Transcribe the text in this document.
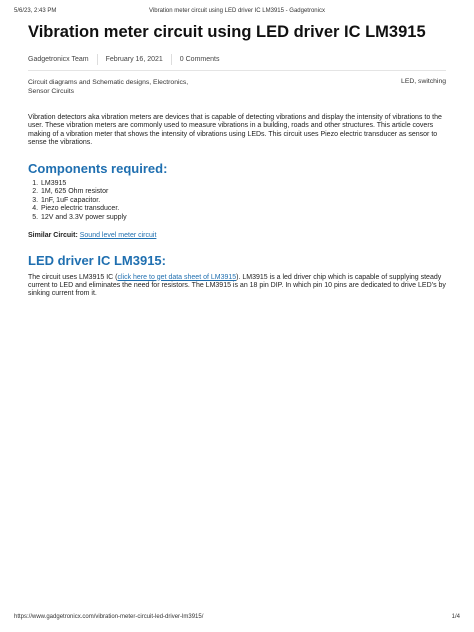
5/6/23, 2:43 PM	Vibration meter circuit using LED driver IC LM3915 - Gadgetronicx
Vibration meter circuit using LED driver IC LM3915
Gadgetronicx Team February 16, 2021 0 Comments
Circuit diagrams and Schematic designs, Electronics, Sensor Circuits
LED, switching

Vibration detectors aka vibration meters are devices that is capable of detecting vibrations and display the intensity of vibrations to the user. These vibration meters are commonly used to measure vibrations in a building, roads and other structures. This article covers making of a vibration meter that shows the intensity of vibrations using LEDs. This circuit uses Piezo electric transducer as sensor to sense the vibrations.

Components required:
1. LM3915
2. 1M, 625 Ohm resistor
3. 1nF, 1uF capacitor.
4. Piezo electric transducer.
5. 12V and 3.3V power supply
Similar Circuit: Sound level meter circuit
LED driver IC LM3915:

The circuit uses LM3915 IC (click here to get data sheet of LM3915). LM3915 is a led driver chip which is capable of supplying steady current to LED and eliminates the need for resistors. The LM3915 is an 18 pin DIP. In which pin 10 pins are dedicated to drive LED’s by sinking current from it.

https://www.gadgetronicx.com/vibration-meter-circuit-led-driver-lm3915/	1/4
